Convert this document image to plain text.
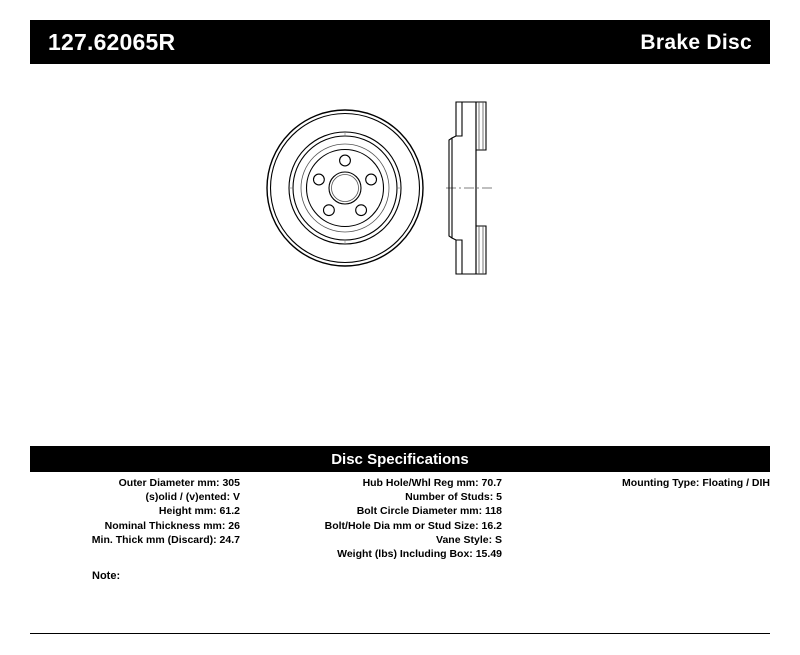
127.62065R	Brake Disc
Disc Specifications
Outer Diameter mm: 305
(s)olid / (v)ented: V
Height mm: 61.2
Nominal Thickness mm: 26
Min. Thick mm (Discard): 24.7
Hub Hole/Whl Reg mm: 70.7
Number of Studs: 5
Bolt Circle Diameter mm: 118
Bolt/Hole Dia mm or Stud Size: 16.2
Vane Style: S
Weight (lbs) Including Box: 15.49
Mounting Type: Floating / DIH
Note:
